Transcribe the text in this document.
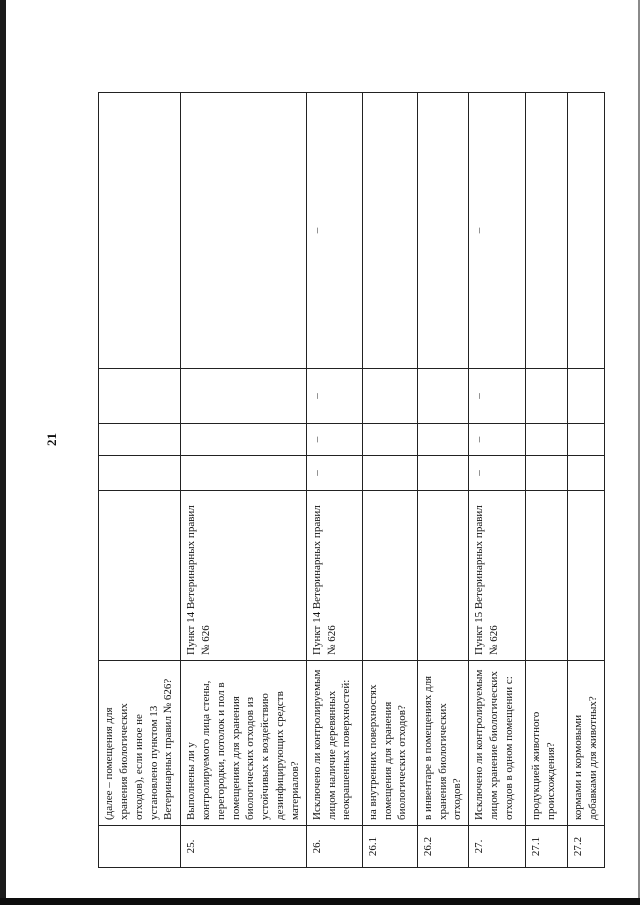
21
	(далее – помещения для хранения биологических отходов), если иное не установлено пунктом 13 Ветеринарных правил № 626?					
25.	Выполнены ли у контролируемого лица стены, перегородки, потолок и пол в помещениях для хранения биологических отходов из устойчивых к воздействию дезинфицирующих средств материалов?	Пункт 14 Ветеринарных правил № 626				
26.	Исключено ли контролируемым лицом наличие деревянных неокрашенных поверхностей:	Пункт 14 Ветеринарных правил № 626	–	–	–	–
26.1	на внутренних поверхностях помещения для хранения биологических отходов?					
26.2	в инвентаре в помещениях для хранения биологических отходов?					
27.	Исключено ли контролируемым лицом хранение биологических отходов в одном помещении с:	Пункт 15 Ветеринарных правил № 626	–	–	–	–
27.1	продукцией животного происхождения?					
27.2	кормами и кормовыми добавками для животных?					
